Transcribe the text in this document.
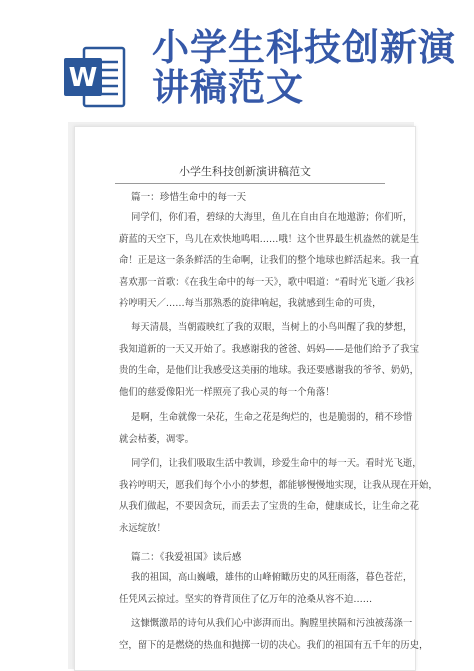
W
小学生科技创新演
讲稿范文
小学生科技创新演讲稿范文
篇一：珍惜生命中的每一天
同学们，你们看，碧绿的大海里，鱼儿在自由自在地遨游；你们听，
蔚蓝的天空下，鸟儿在欢快地鸣唱……哦！这个世界最生机盎然的就是生
命！正是这一条条鲜活的生命啊，让我们的整个地球也鲜活起来。我一直
喜欢那一首歌：《在我生命中的每一天》，歌中唱道：“看时光飞逝／我衫
衿哼明天／……每当那熟悉的旋律响起，我就感到生命的可贵，
每天清晨，当朝霞映红了我的双眼，当树上的小鸟叫醒了我的梦想，
我知道新的一天又开始了。我感谢我的爸爸、妈妈——是他们给予了我宝
贵的生命，是他们让我感受这美丽的地球。我还要感谢我的爷爷、奶奶，
他们的慈爱像阳光一样照亮了我心灵的每一个角落！
是啊，生命就像一朵花，生命之花是绚烂的，也是脆弱的，稍不珍惜
就会枯萎，凋零。
同学们，让我们吸取生活中教训，珍爱生命中的每一天。看时光飞逝，
我衿哼明天，愿我们每个小小的梦想，都能够慢慢地实现，让我从现在开始，
从我们做起，不要因贪玩，而丢去了宝贵的生命，健康成长，让生命之花
永远绽放！
篇二：《我爱祖国》读后感
我的祖国，高山巍峨，雄伟的山峰俯瞰历史的风狂雨落，暮色苍茫，
任凭风云掠过。坚实的脊背顶住了亿万年的沧桑从容不迫……
这慷慨激昂的诗句从我们心中澎湃而出。胸膛里挟隔和污浊被荡涤一
空，留下的是燃烧的热血和抛掷一切的决心。我们的祖国有五千年的历史，
